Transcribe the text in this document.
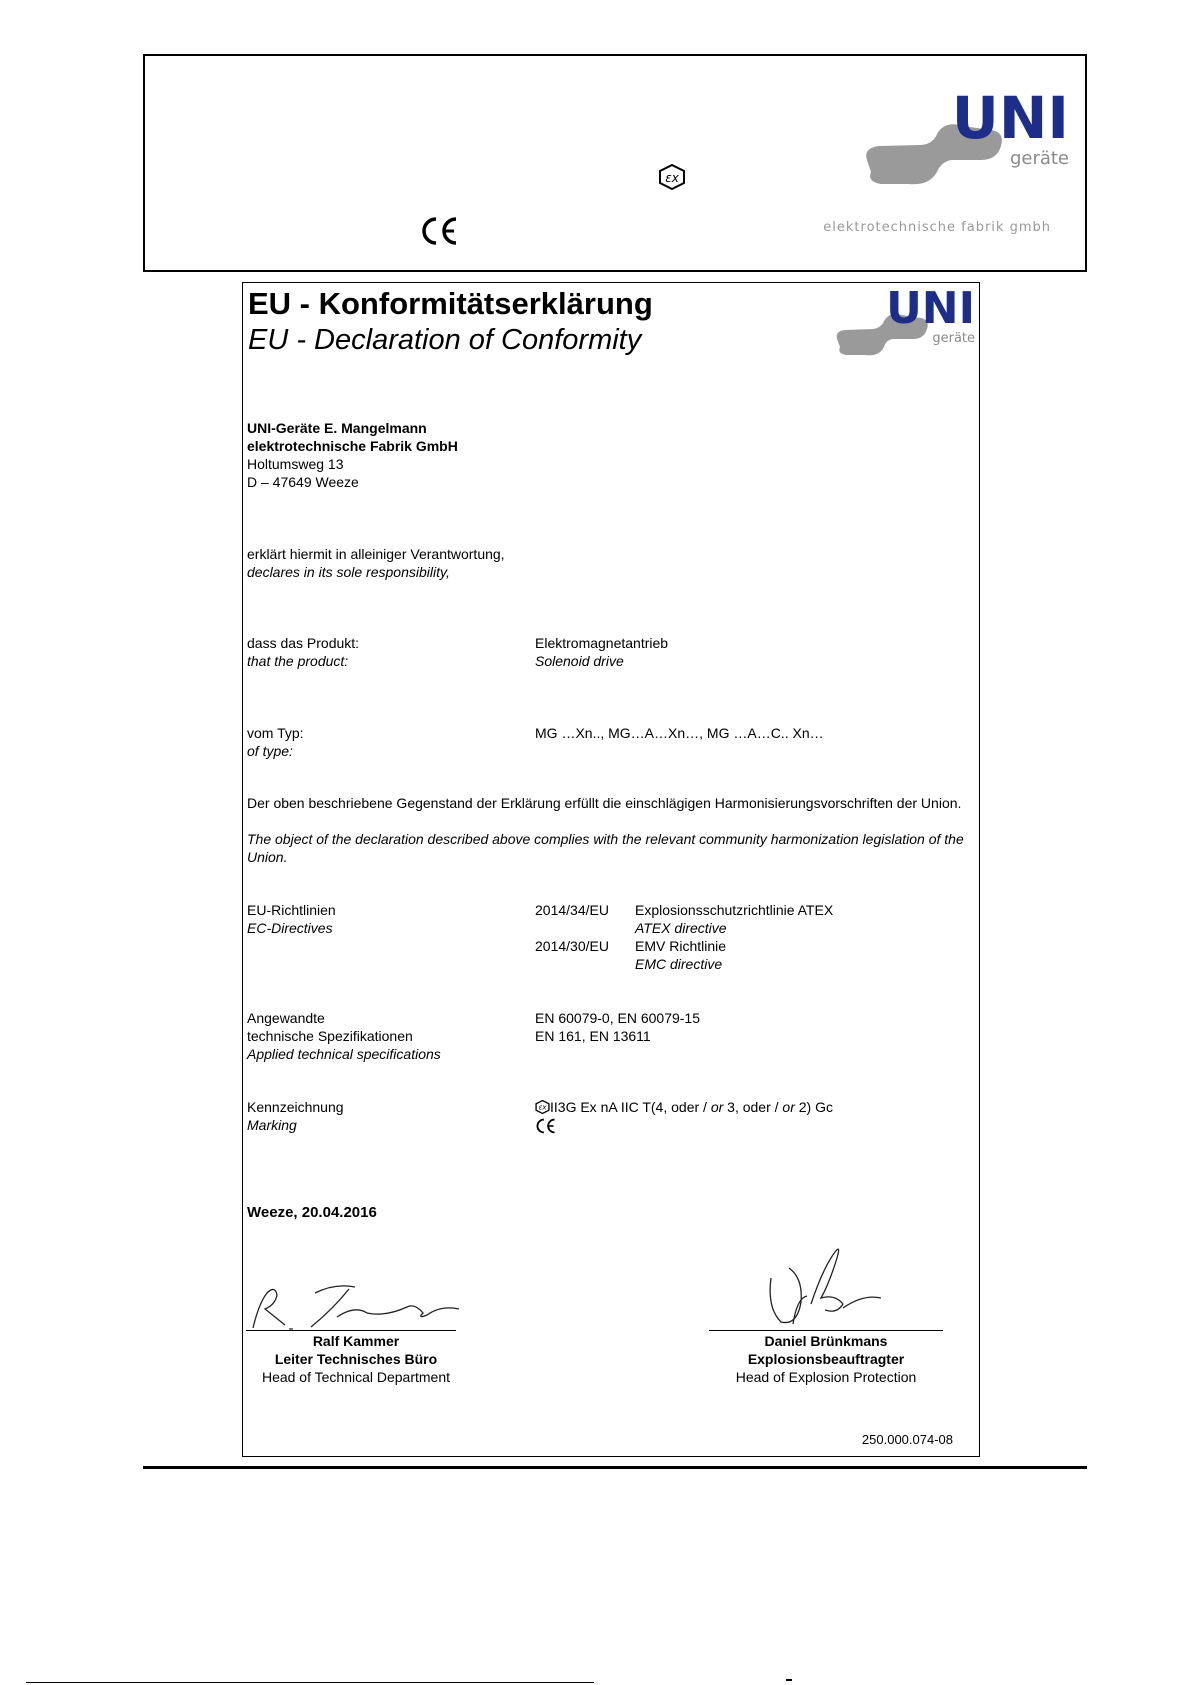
εx
UNI
geräte
elektrotechnische fabrik gmbh
EU - Konformitätserklärung
EU - Declaration of Conformity
UNI
geräte
UNI-Geräte E. Mangelmann
elektrotechnische Fabrik GmbH
Holtumsweg 13
D – 47649 Weeze
erklärt hiermit in alleiniger Verantwortung,
declares in its sole responsibility,
dass das Produkt:
that the product:
Elektromagnetantrieb
Solenoid drive
vom Typ:
of type:
MG …Xn.., MG…A…Xn…, MG …A…C.. Xn…
Der oben beschriebene Gegenstand der Erklärung erfüllt die einschlägigen Harmonisierungsvorschriften der Union.
The object of the declaration described above complies with the relevant community harmonization legislation of the Union.
EU-Richtlinien
EC-Directives
2014/34/EU Explosionsschutzrichtlinie ATEX
ATEX directive
2014/30/EU EMV Richtlinie
EMC directive
Angewandte
technische Spezifikationen
Applied technical specifications
EN 60079-0, EN 60079-15
EN 161, EN 13611
Kennzeichnung
Marking
εx II3G Ex nA IIC T(4, oder / or 3, oder / or 2) Gc
Weeze, 20.04.2016
Ralf Kammer
Leiter Technisches Büro
Head of Technical Department
Daniel Brünkmans
Explosionsbeauftragter
Head of Explosion Protection
250.000.074-08
